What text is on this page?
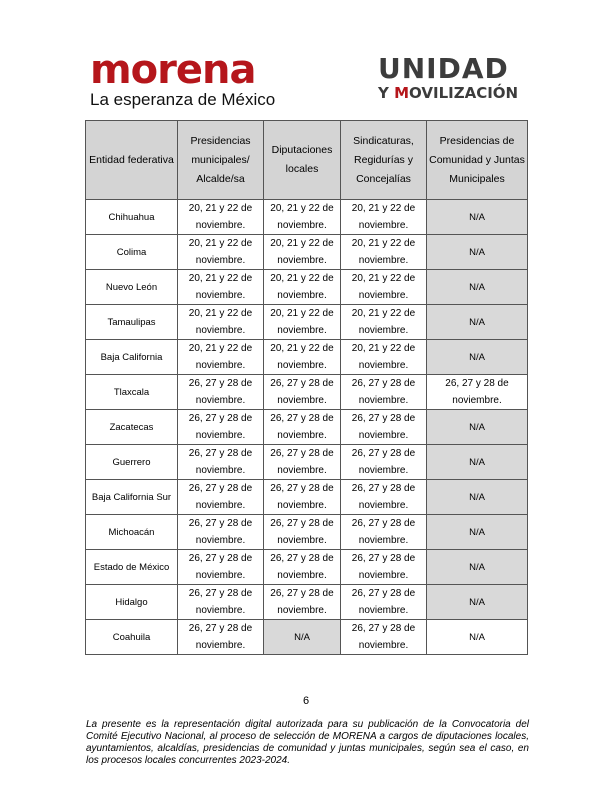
morena
La esperanza de México
UNIDAD
Y MOVILIZACIÓN
Entidad federativa	Presidencias municipales/ Alcalde/sa	Diputaciones locales	Sindicaturas, Regidurías y Concejalías	Presidencias de Comunidad y Juntas Municipales
Chihuahua	20, 21 y 22 de noviembre.	20, 21 y 22 de noviembre.	20, 21 y 22 de noviembre.	N/A
Colima	20, 21 y 22 de noviembre.	20, 21 y 22 de noviembre.	20, 21 y 22 de noviembre.	N/A
Nuevo León	20, 21 y 22 de noviembre.	20, 21 y 22 de noviembre.	20, 21 y 22 de noviembre.	N/A
Tamaulipas	20, 21 y 22 de noviembre.	20, 21 y 22 de noviembre.	20, 21 y 22 de noviembre.	N/A
Baja California	20, 21 y 22 de noviembre.	20, 21 y 22 de noviembre.	20, 21 y 22 de noviembre.	N/A
Tlaxcala	26, 27 y 28 de noviembre.	26, 27 y 28 de noviembre.	26, 27 y 28 de noviembre.	26, 27 y 28 de noviembre.
Zacatecas	26, 27 y 28 de noviembre.	26, 27 y 28 de noviembre.	26, 27 y 28 de noviembre.	N/A
Guerrero	26, 27 y 28 de noviembre.	26, 27 y 28 de noviembre.	26, 27 y 28 de noviembre.	N/A
Baja California Sur	26, 27 y 28 de noviembre.	26, 27 y 28 de noviembre.	26, 27 y 28 de noviembre.	N/A
Michoacán	26, 27 y 28 de noviembre.	26, 27 y 28 de noviembre.	26, 27 y 28 de noviembre.	N/A
Estado de México	26, 27 y 28 de noviembre.	26, 27 y 28 de noviembre.	26, 27 y 28 de noviembre.	N/A
Hidalgo	26, 27 y 28 de noviembre.	26, 27 y 28 de noviembre.	26, 27 y 28 de noviembre.	N/A
Coahuila	26, 27 y 28 de noviembre.	N/A	26, 27 y 28 de noviembre.	N/A
6
La presente es la representación digital autorizada para su publicación de la Convocatoria del Comité Ejecutivo Nacional, al proceso de selección de MORENA a cargos de diputaciones locales, ayuntamientos, alcaldías, presidencias de comunidad y juntas municipales, según sea el caso, en los procesos locales concurrentes 2023-2024.
